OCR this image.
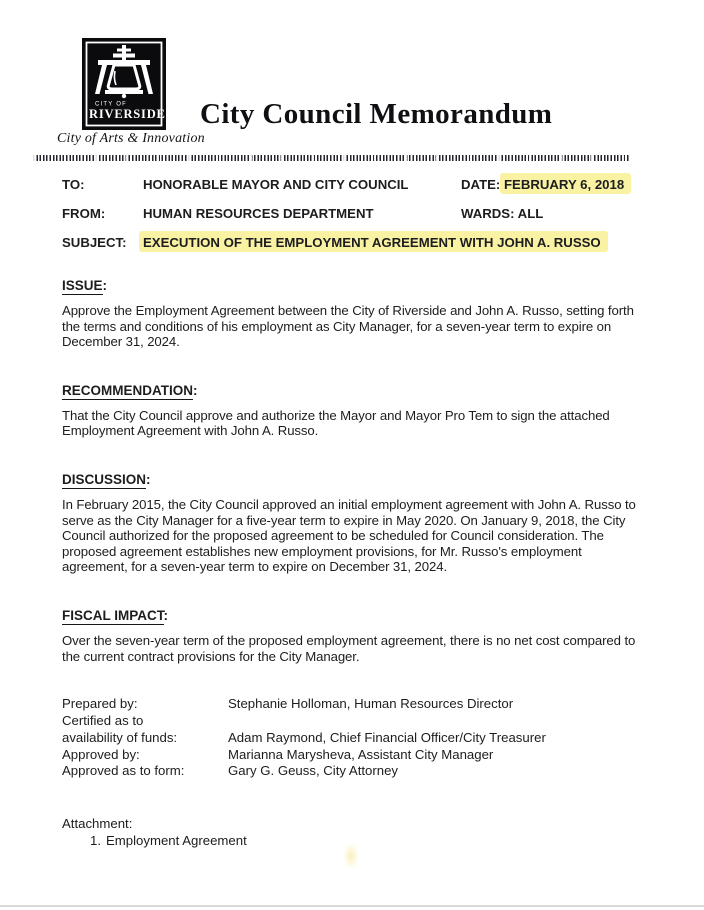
CITY OF
RIVERSIDE
City of Arts & Innovation
City Council Memorandum
TO:	HONORABLE MAYOR AND CITY COUNCIL	DATE: FEBRUARY 6, 2018
FROM:	HUMAN RESOURCES DEPARTMENT	WARDS: ALL
SUBJECT:	EXECUTION OF THE EMPLOYMENT AGREEMENT WITH JOHN A. RUSSO
ISSUE:

Approve the Employment Agreement between the City of Riverside and John A. Russo, setting forth the terms and conditions of his employment as City Manager, for a seven-year term to expire on December 31, 2024.

RECOMMENDATION:

That the City Council approve and authorize the Mayor and Mayor Pro Tem to sign the attached Employment Agreement with John A. Russo.

DISCUSSION:

In February 2015, the City Council approved an initial employment agreement with John A. Russo to serve as the City Manager for a five-year term to expire in May 2020. On January 9, 2018, the City Council authorized for the proposed agreement to be scheduled for Council consideration. The proposed agreement establishes new employment provisions, for Mr. Russo's employment agreement, for a seven-year term to expire on December 31, 2024.

FISCAL IMPACT:

Over the seven-year term of the proposed employment agreement, there is no net cost compared to the current contract provisions for the City Manager.

Prepared by:	Stephanie Holloman, Human Resources Director
Certified as to
availability of funds:	Adam Raymond, Chief Financial Officer/City Treasurer
Approved by:	Marianna Marysheva, Assistant City Manager
Approved as to form:	Gary G. Geuss, City Attorney
Attachment:
1. Employment Agreement
